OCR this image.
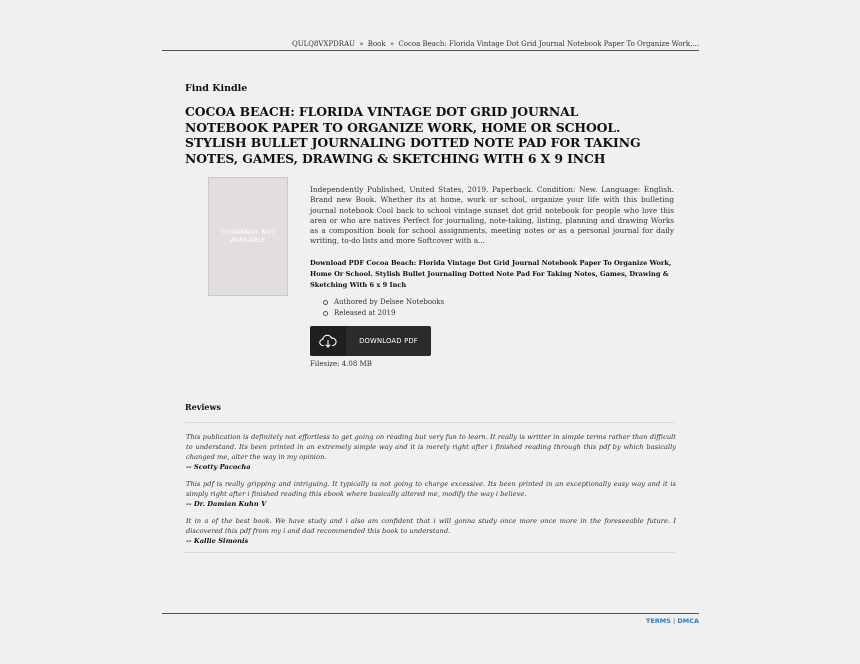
QULQ8VXPDRAU » Book » Cocoa Beach: Florida Vintage Dot Grid Journal Notebook Paper To Organize Work,...
Find Kindle
COCOA BEACH: FLORIDA VINTAGE DOT GRID JOURNAL NOTEBOOK PAPER TO ORGANIZE WORK, HOME OR SCHOOL. STYLISH BULLET JOURNALING DOTTED NOTE PAD FOR TAKING NOTES, GAMES, DRAWING & SKETCHING WITH 6 X 9 INCH
THUMBNAIL NOT AVAILABLE

Independently Published, United States, 2019. Paperback. Condition: New. Language: English. Brand new Book. Whether its at home, work or school, organize your life with this bulleting journal notebook Cool back to school vintage sunset dot grid notebook for people who love this area or who are natives Perfect for journaling, note-taking, listing, planning and drawing Works as a composition book for school assignments, meeting notes or as a personal journal for daily writing, to-do lists and more Softcover with a...

Download PDF Cocoa Beach: Florida Vintage Dot Grid Journal Notebook Paper To Organize Work, Home Or School. Stylish Bullet Journaling Dotted Note Pad For Taking Notes, Games, Drawing & Sketching With 6 x 9 Inch
Authored by Delsee Notebooks
Released at 2019
DOWNLOAD PDF
Filesize: 4.08 MB
Reviews

This publication is definitely not effortless to get going on reading but very fun to learn. It really is writter in simple terms rather than difficult to understand. Its been printed in an extremely simple way and it is merely right after i finished reading through this pdf by which basically changed me, alter the way in my opinion.

-- Scotty Pacocha

This pdf is really gripping and intriguing. It typically is not going to charge excessive. Its been printed in an exceptionally easy way and it is simply right after i finished reading this ebook where basically altered me, modify the way i believe.

-- Dr. Damian Kuhn V

It in a of the best book. We have study and i also am confident that i will gonna study once more once more in the foreseeable future. I discovered this pdf from my i and dad recommended this book to understand.

-- Kallie Simonis
TERMS | DMCA
